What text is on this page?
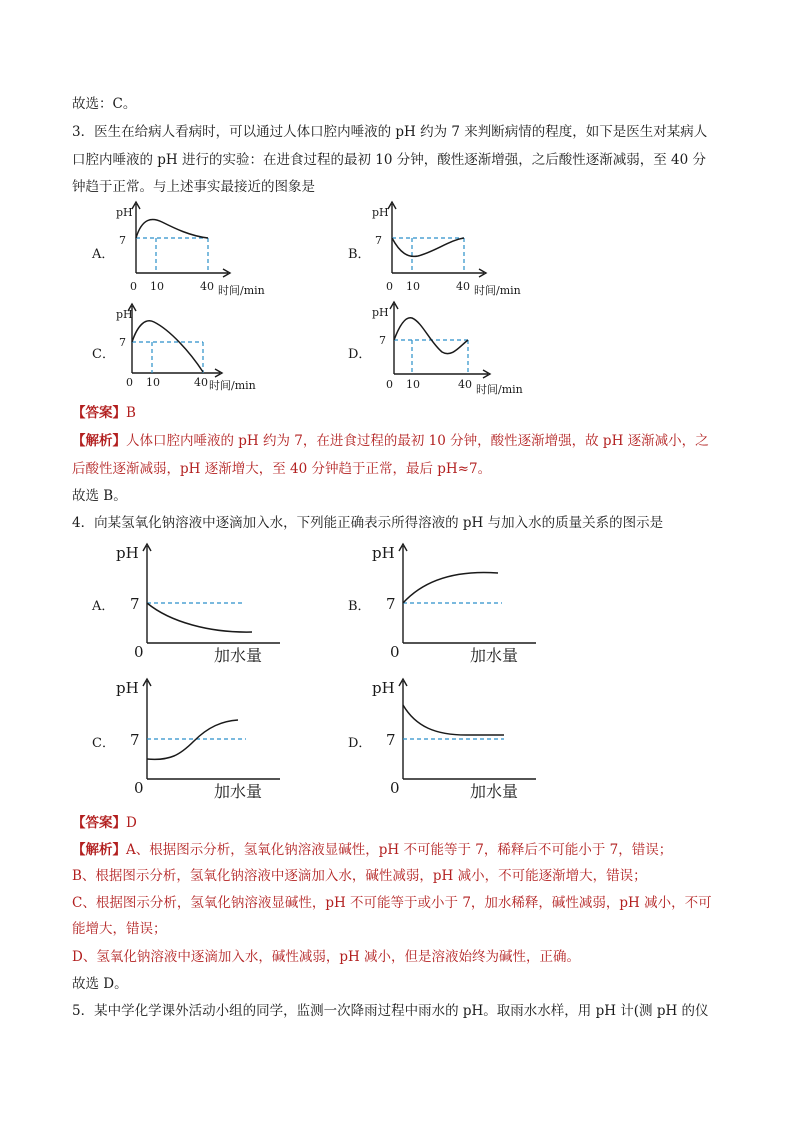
故选：C。
3．医生在给病人看病时，可以通过人体口腔内唾液的 pH 约为 7 来判断病情的程度，如下是医生对某病人
口腔内唾液的 pH 进行的实验：在进食过程的最初 10 分钟，酸性逐渐增强，之后酸性逐渐减弱，至 40 分
钟趋于正常。与上述事实最接近的图象是
A．
pH
7
0 10	40 时间/min
B．
pH
7
0 10	40 时间/min
C．
pH
7
0 10	40 时间/min
D．
pH
7
0 10	40 时间/min
【答案】B
【解析】人体口腔内唾液的 pH 约为 7，在进食过程的最初 10 分钟，酸性逐渐增强，故 pH 逐渐减小，之
后酸性逐渐减弱，pH 逐渐增大，至 40 分钟趋于正常，最后 pH≈7。
故选 B。
4．向某氢氧化钠溶液中逐滴加入水，下列能正确表示所得溶液的 pH 与加入水的质量关系的图示是
A．
pH
7
0	加水量
B．
pH
7
0	加水量
C．
pH
7
0	加水量
D．
pH
7
0	加水量
【答案】D
【解析】A、根据图示分析，氢氧化钠溶液显碱性，pH 不可能等于 7，稀释后不可能小于 7，错误；
B、根据图示分析，氢氧化钠溶液中逐滴加入水，碱性减弱，pH 减小，不可能逐渐增大，错误；
C、根据图示分析，氢氧化钠溶液显碱性，pH 不可能等于或小于 7，加水稀释，碱性减弱，pH 减小，不可
能增大，错误；
D、氢氧化钠溶液中逐滴加入水，碱性减弱，pH 减小，但是溶液始终为碱性，正确。
故选 D。
5．某中学化学课外活动小组的同学，监测一次降雨过程中雨水的 pH。取雨水水样，用 pH 计(测 pH 的仪
